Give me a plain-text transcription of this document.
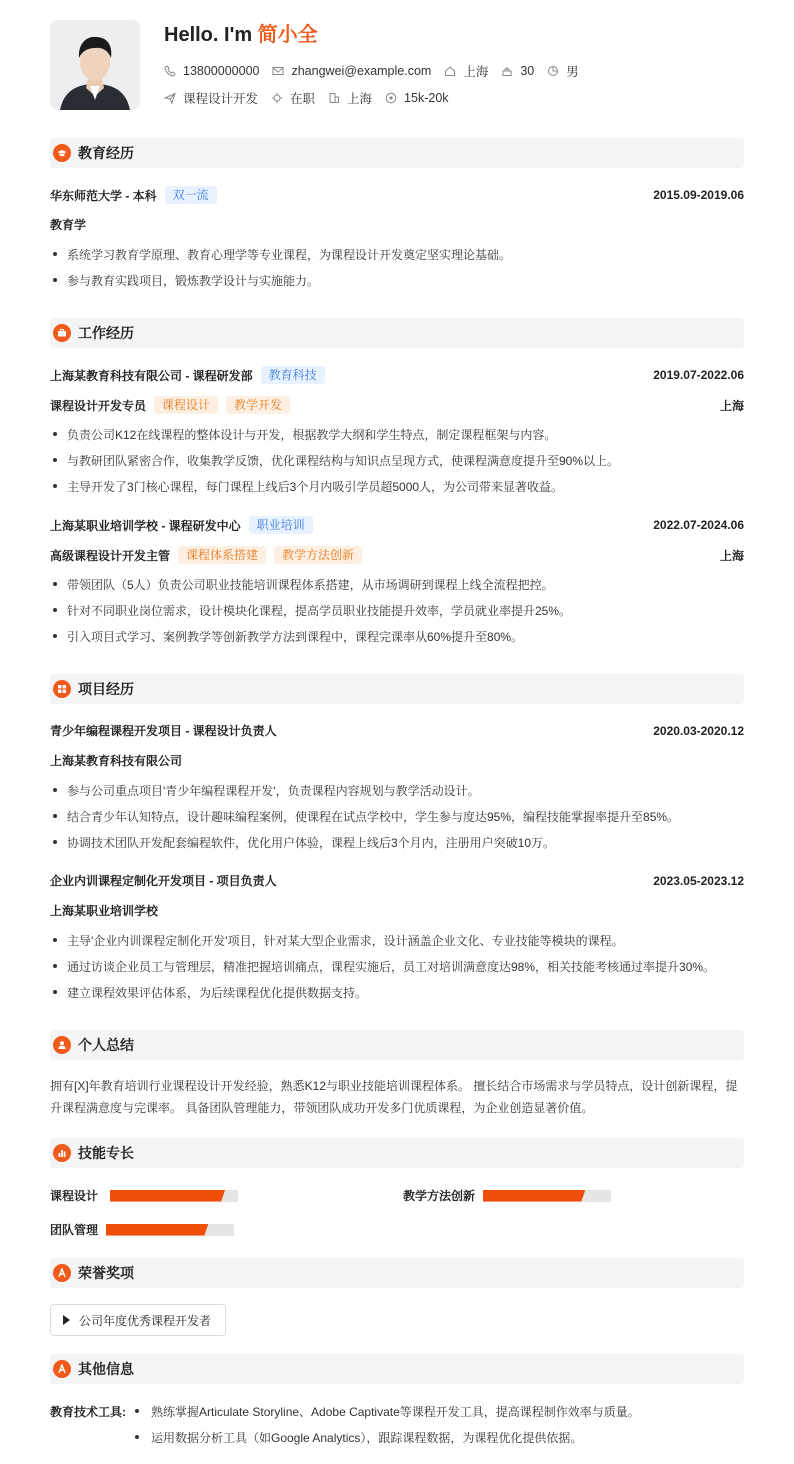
Hello. I'm 简小全
13800000000	zhangwei@example.com	上海	30	男
课程设计开发	在职	上海	15k-20k
教育经历
华东师范大学 - 本科	双一流	2015.09-2019.06
教育学
系统学习教育学原理、教育心理学等专业课程，为课程设计开发奠定坚实理论基础。
参与教育实践项目，锻炼教学设计与实施能力。
工作经历
上海某教育科技有限公司 - 课程研发部	教育科技	2019.07-2022.06
课程设计开发专员	课程设计	教学开发	上海
负责公司K12在线课程的整体设计与开发，根据教学大纲和学生特点，制定课程框架与内容。
与教研团队紧密合作，收集教学反馈，优化课程结构与知识点呈现方式，使课程满意度提升至90%以上。
主导开发了3门核心课程，每门课程上线后3个月内吸引学员超5000人，为公司带来显著收益。
上海某职业培训学校 - 课程研发中心	职业培训	2022.07-2024.06
高级课程设计开发主管	课程体系搭建	教学方法创新	上海
带领团队（5人）负责公司职业技能培训课程体系搭建，从市场调研到课程上线全流程把控。
针对不同职业岗位需求，设计模块化课程，提高学员职业技能提升效率，学员就业率提升25%。
引入项目式学习、案例教学等创新教学方法到课程中，课程完课率从60%提升至80%。
项目经历
青少年编程课程开发项目 - 课程设计负责人	2020.03-2020.12
上海某教育科技有限公司
参与公司重点项目'青少年编程课程开发'，负责课程内容规划与教学活动设计。
结合青少年认知特点，设计趣味编程案例，使课程在试点学校中，学生参与度达95%，编程技能掌握率提升至85%。
协调技术团队开发配套编程软件，优化用户体验，课程上线后3个月内，注册用户突破10万。
企业内训课程定制化开发项目 - 项目负责人	2023.05-2023.12
上海某职业培训学校
主导'企业内训课程定制化开发'项目，针对某大型企业需求，设计涵盖企业文化、专业技能等模块的课程。
通过访谈企业员工与管理层，精准把握培训痛点，课程实施后，员工对培训满意度达98%，相关技能考核通过率提升30%。
建立课程效果评估体系，为后续课程优化提供数据支持。
个人总结
拥有[X]年教育培训行业课程设计开发经验，熟悉K12与职业技能培训课程体系。 擅长结合市场需求与学员特点，设计创新课程，提升课程满意度与完课率。 具备团队管理能力，带领团队成功开发多门优质课程，为企业创造显著价值。
技能专长
课程设计	教学方法创新
团队管理
荣誉奖项
公司年度优秀课程开发者
其他信息
教育技术工具:	熟练掌握Articulate Storyline、Adobe Captivate等课程开发工具，提高课程制作效率与质量。
运用数据分析工具（如Google Analytics），跟踪课程数据，为课程优化提供依据。
